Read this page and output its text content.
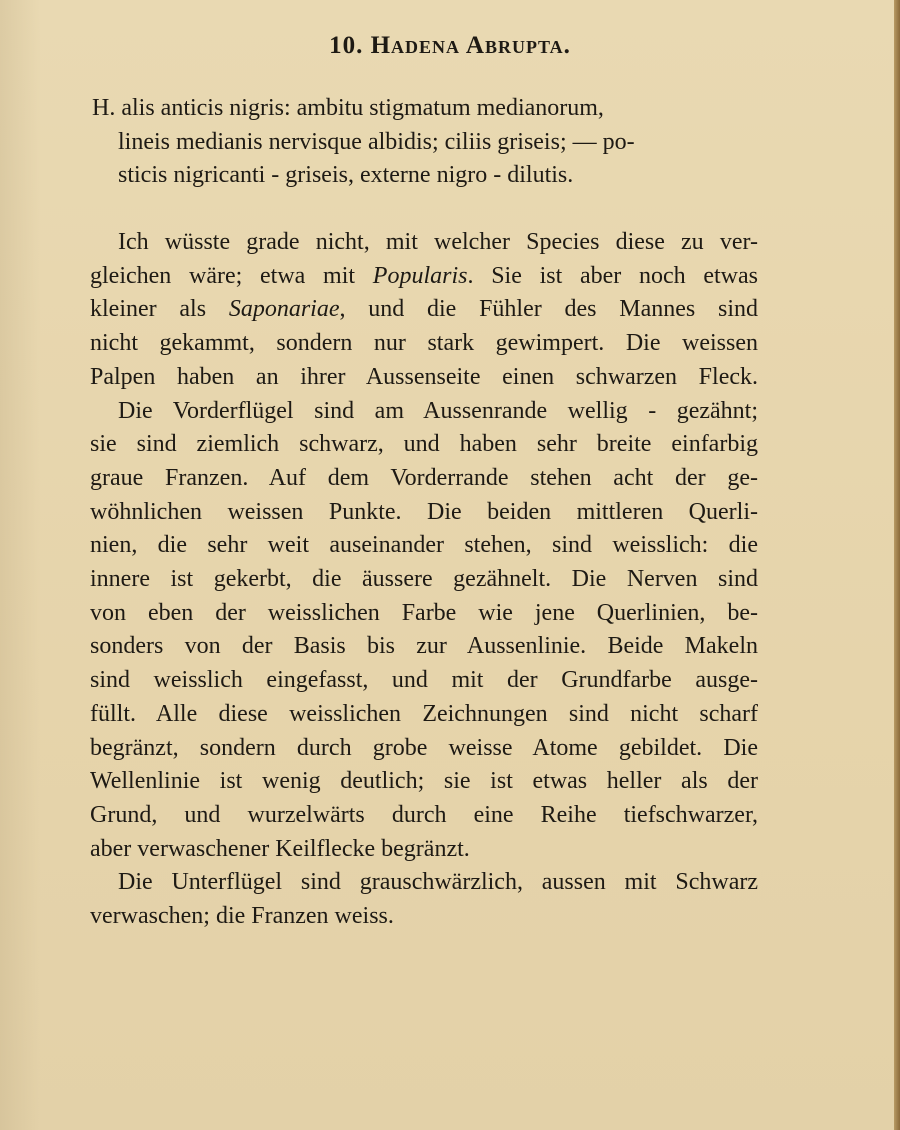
10. Hadena Abrupta.
H. alis anticis nigris: ambitu stigmatum medianorum,
lineis medianis nervisque albidis; ciliis griseis; — po-
sticis nigricanti - griseis, externe nigro - dilutis.
Ich wüsste grade nicht, mit welcher Species diese zu ver-
gleichen wäre; etwa mit Popularis. Sie ist aber noch etwas
kleiner als Saponariae, und die Fühler des Mannes sind
nicht gekammt, sondern nur stark gewimpert. Die weissen
Palpen haben an ihrer Aussenseite einen schwarzen Fleck.
Die Vorderflügel sind am Aussenrande wellig - gezähnt;
sie sind ziemlich schwarz, und haben sehr breite einfarbig
graue Franzen. Auf dem Vorderrande stehen acht der ge-
wöhnlichen weissen Punkte. Die beiden mittleren Querli-
nien, die sehr weit auseinander stehen, sind weisslich: die
innere ist gekerbt, die äussere gezähnelt. Die Nerven sind
von eben der weisslichen Farbe wie jene Querlinien, be-
sonders von der Basis bis zur Aussenlinie. Beide Makeln
sind weisslich eingefasst, und mit der Grundfarbe ausge-
füllt. Alle diese weisslichen Zeichnungen sind nicht scharf
begränzt, sondern durch grobe weisse Atome gebildet. Die
Wellenlinie ist wenig deutlich; sie ist etwas heller als der
Grund, und wurzelwärts durch eine Reihe tiefschwarzer,
aber verwaschener Keilflecke begränzt.
Die Unterflügel sind grauschwärzlich, aussen mit Schwarz
verwaschen; die Franzen weiss.
